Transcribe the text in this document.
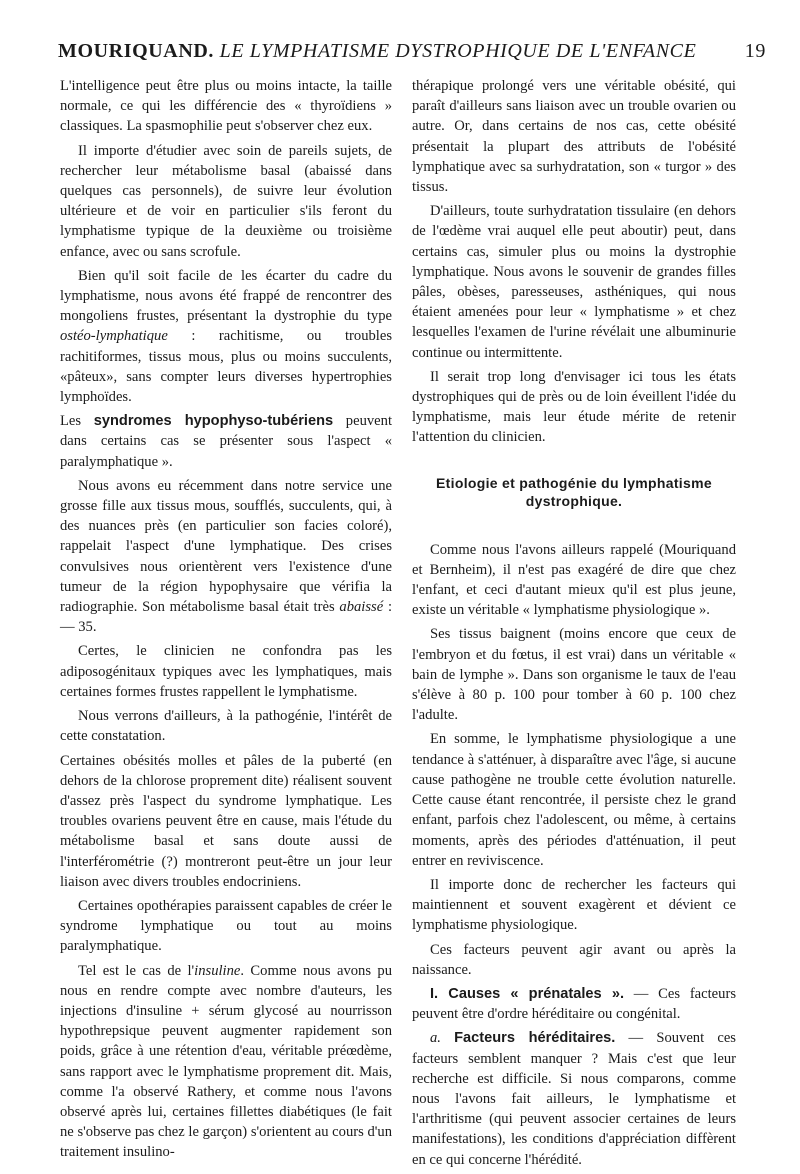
MOURIQUAND. LE LYMPHATISME DYSTROPHIQUE DE L'ENFANCE 19

L'intelligence peut être plus ou moins intacte, la taille normale, ce qui les différencie des « thyroïdiens » classiques. La spasmophilie peut s'observer chez eux.

Il importe d'étudier avec soin de pareils sujets, de rechercher leur métabolisme basal (abaissé dans quelques cas personnels), de suivre leur évolution ultérieure et de voir en particulier s'ils feront du lymphatisme typique de la deuxième ou troisième enfance, avec ou sans scrofule.

Bien qu'il soit facile de les écarter du cadre du lymphatisme, nous avons été frappé de rencontrer des mongoliens frustes, présentant la dystrophie du type ostéo-lymphatique : rachitisme, ou troubles rachitiformes, tissus mous, plus ou moins succulents, «pâteux», sans compter leurs diverses hypertrophies lymphoïdes.

Les syndromes hypophyso-tubériens peuvent dans certains cas se présenter sous l'aspect « paralymphatique ».

Nous avons eu récemment dans notre service une grosse fille aux tissus mous, soufflés, succulents, qui, à des nuances près (en particulier son facies coloré), rappelait l'aspect d'une lymphatique. Des crises convulsives nous orientèrent vers l'existence d'une tumeur de la région hypophysaire que vérifia la radiographie. Son métabolisme basal était très abaissé : — 35.

Certes, le clinicien ne confondra pas les adiposogénitaux typiques avec les lymphatiques, mais certaines formes frustes rappellent le lymphatisme.

Nous verrons d'ailleurs, à la pathogénie, l'intérêt de cette constatation.

Certaines obésités molles et pâles de la puberté (en dehors de la chlorose proprement dite) réalisent souvent d'assez près l'aspect du syndrome lymphatique. Les troubles ovariens peuvent être en cause, mais l'étude du métabolisme basal et sans doute aussi de l'interférométrie (?) montreront peut-être un jour leur liaison avec divers troubles endocriniens.

Certaines opothérapies paraissent capables de créer le syndrome lymphatique ou tout au moins paralymphatique.

Tel est le cas de l'insuline. Comme nous avons pu nous en rendre compte avec nombre d'auteurs, les injections d'insuline + sérum glycosé au nourrisson hypothrepsique peuvent augmenter rapidement son poids, grâce à une rétention d'eau, véritable préœdème, sans rapport avec le lymphatisme proprement dit. Mais, comme l'a observé Rathery, et comme nous l'avons observé après lui, certaines fillettes diabétiques (le fait ne s'observe pas chez le garçon) s'orientent au cours d'un traitement insulino-

thérapique prolongé vers une véritable obésité, qui paraît d'ailleurs sans liaison avec un trouble ovarien ou autre. Or, dans certains de nos cas, cette obésité présentait la plupart des attributs de l'obésité lymphatique avec sa surhydratation, son « turgor » des tissus.

D'ailleurs, toute surhydratation tissulaire (en dehors de l'œdème vrai auquel elle peut aboutir) peut, dans certains cas, simuler plus ou moins la dystrophie lymphatique. Nous avons le souvenir de grandes filles pâles, obèses, paresseuses, asthéniques, qui nous étaient amenées pour leur « lymphatisme » et chez lesquelles l'examen de l'urine révélait une albuminurie continue ou intermittente.

Il serait trop long d'envisager ici tous les états dystrophiques qui de près ou de loin éveillent l'idée du lymphatisme, mais leur étude mérite de retenir l'attention du clinicien.

Etiologie et pathogénie du lymphatisme dystrophique.

Comme nous l'avons ailleurs rappelé (Mouriquand et Bernheim), il n'est pas exagéré de dire que chez l'enfant, et ceci d'autant mieux qu'il est plus jeune, existe un véritable « lymphatisme physiologique ».

Ses tissus baignent (moins encore que ceux de l'embryon et du fœtus, il est vrai) dans un véritable « bain de lymphe ». Dans son organisme le taux de l'eau s'élève à 80 p. 100 pour tomber à 60 p. 100 chez l'adulte.

En somme, le lymphatisme physiologique a une tendance à s'atténuer, à disparaître avec l'âge, si aucune cause pathogène ne trouble cette évolution naturelle. Cette cause étant rencontrée, il persiste chez le grand enfant, parfois chez l'adolescent, ou même, à certains moments, après des périodes d'atténuation, il peut entrer en reviviscence.

Il importe donc de rechercher les facteurs qui maintiennent et souvent exagèrent et dévient ce lymphatisme physiologique.

Ces facteurs peuvent agir avant ou après la naissance.

I. Causes « prénatales ». — Ces facteurs peuvent être d'ordre héréditaire ou congénital.

a. Facteurs héréditaires. — Souvent ces facteurs semblent manquer ? Mais c'est que leur recherche est difficile. Si nous comparons, comme nous l'avons fait ailleurs, le lymphatisme et l'arthritisme (qui peuvent associer certaines de leurs manifestations), les conditions d'appréciation diffèrent en ce qui concerne l'hérédité.
